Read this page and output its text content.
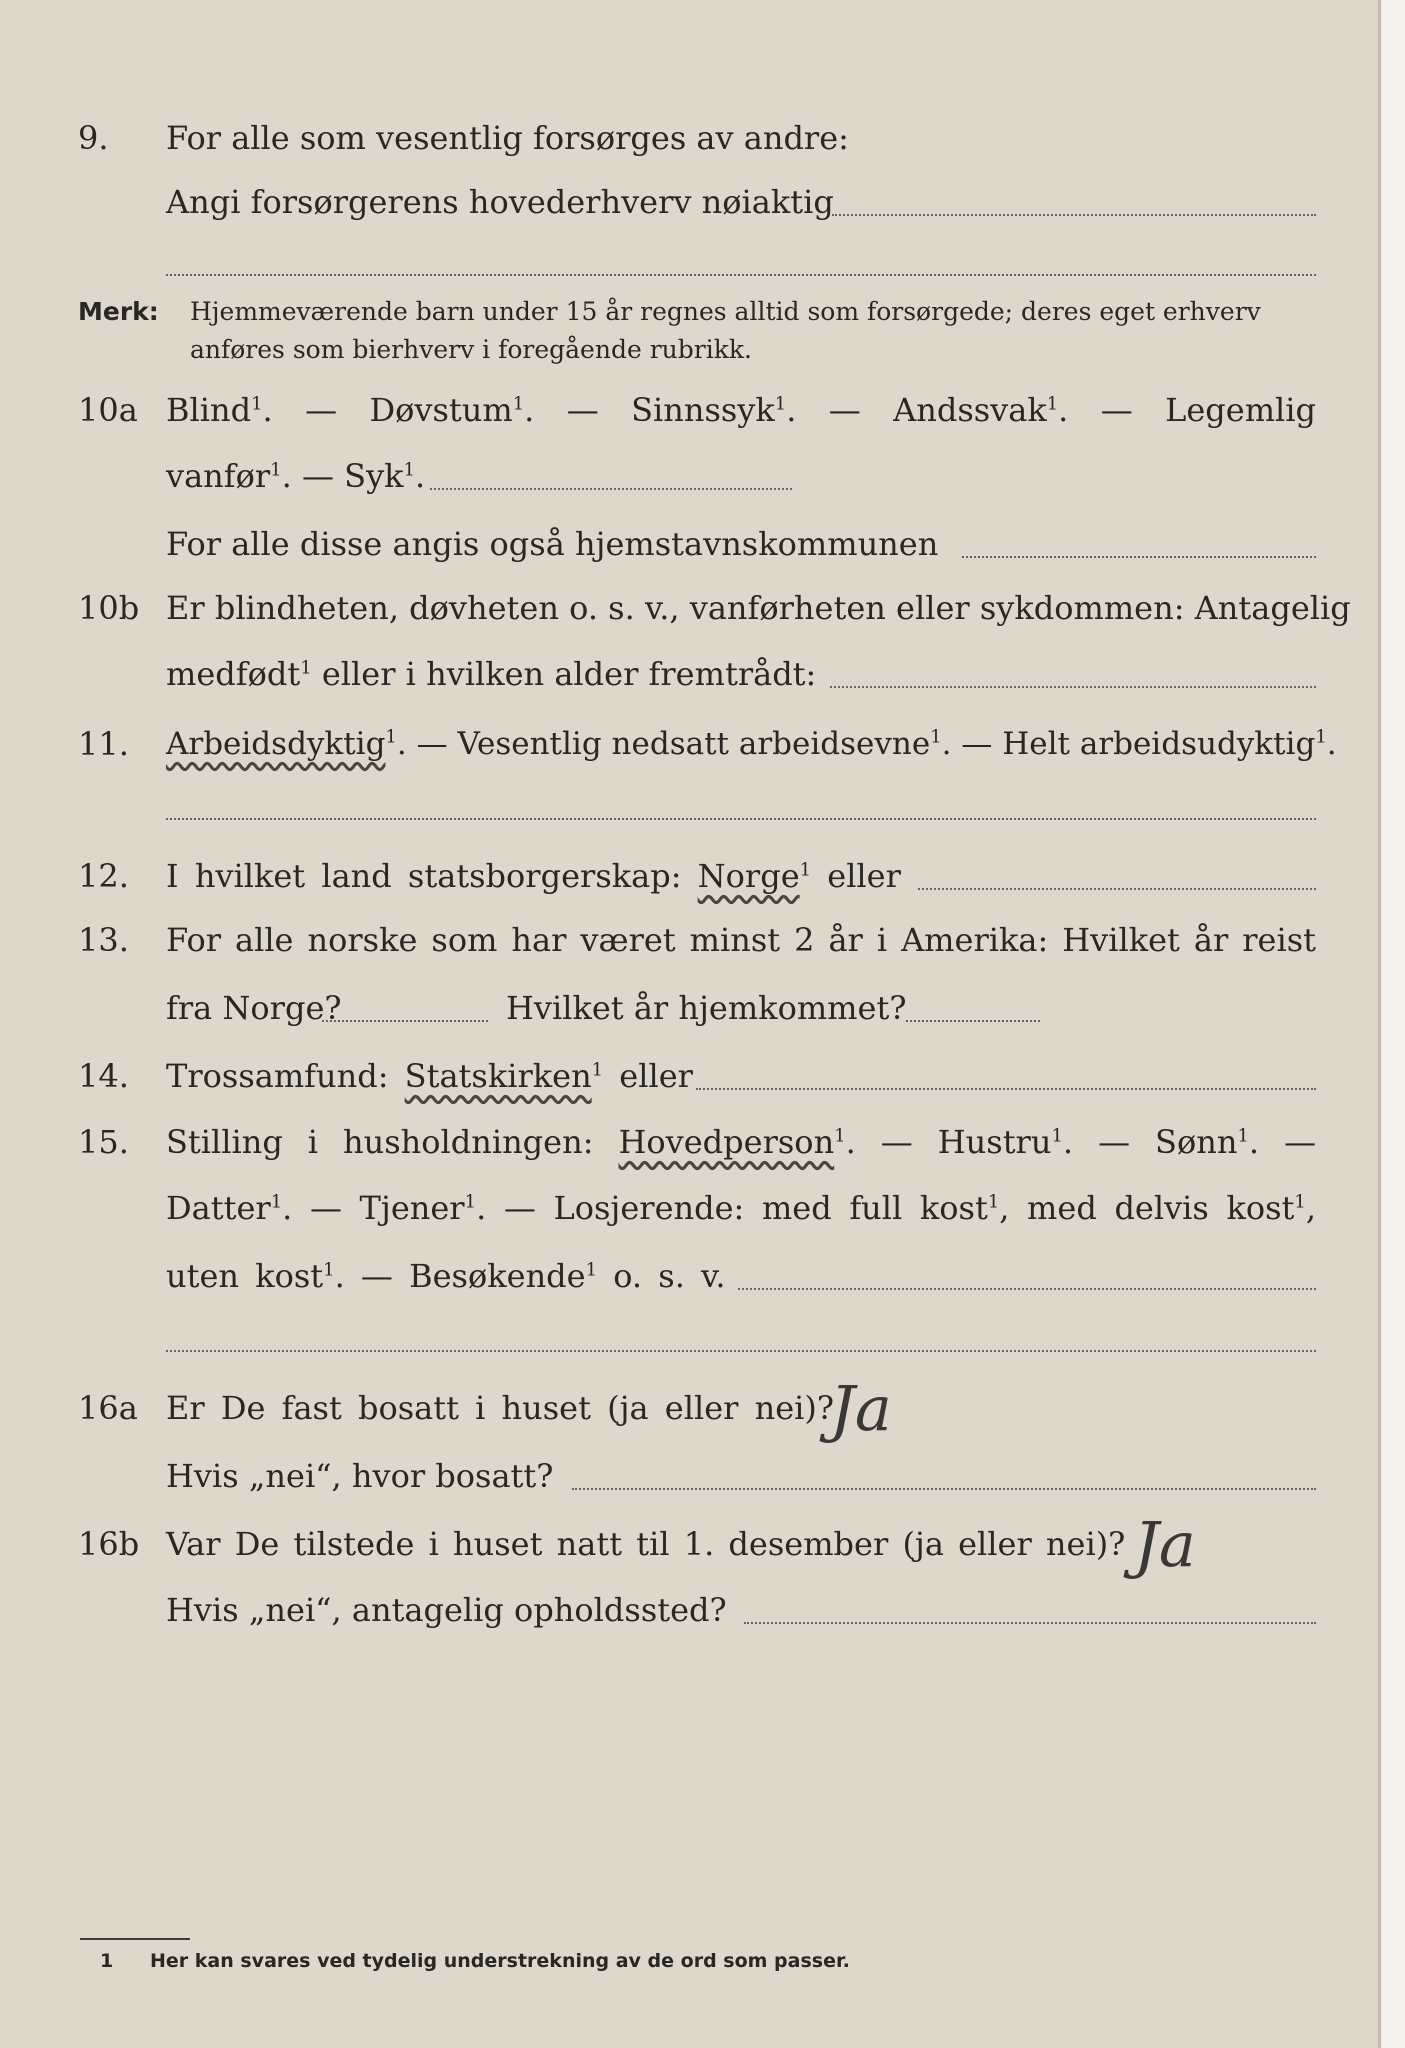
9. For alle som vesentlig forsørges av andre:
Angi forsørgerens hovederhverv nøiaktig
Merk: Hjemmeværende barn under 15 år regnes alltid som forsørgede; deres eget erhverv
anføres som bierhverv i foregående rubrikk.
10a Blind$^1$. — Døvstum$^1$. — Sinnssyk$^1$. — Andssvak$^1$. — Legemlig
vanfør$^1$. — Syk$^1$.
For alle disse angis også hjemstavnskommunen
10b Er blindheten, døvheten o. s. v., vanførheten eller sykdommen: Antagelig
medfødt$^1$ eller i hvilken alder fremtrådt:
11. Arbeidsdyktig$^1$. — Vesentlig nedsatt arbeidsevne$^1$. — Helt arbeidsudyktig$^1$.
12. I hvilket land statsborgerskap: Norge$^1$ eller
13. For alle norske som har været minst 2 år i Amerika: Hvilket år reist
fra Norge?	Hvilket år hjemkommet?
14. Trossamfund: Statskirken$^1$ eller
15. Stilling i husholdningen: Hovedperson$^1$. — Hustru$^1$. — Sønn$^1$. —
Datter$^1$. — Tjener$^1$. — Losjerende: med full kost$^1$, med delvis kost$^1$,
uten kost$^1$. — Besøkende$^1$ o. s. v.
16a Er De fast bosatt i huset (ja eller nei)?
Ja
Hvis „nei“, hvor bosatt?
16b Var De tilstede i huset natt til 1. desember (ja eller nei)? Ja
Hvis „nei“, antagelig opholdssted?
1 Her kan svares ved tydelig understrekning av de ord som passer.
